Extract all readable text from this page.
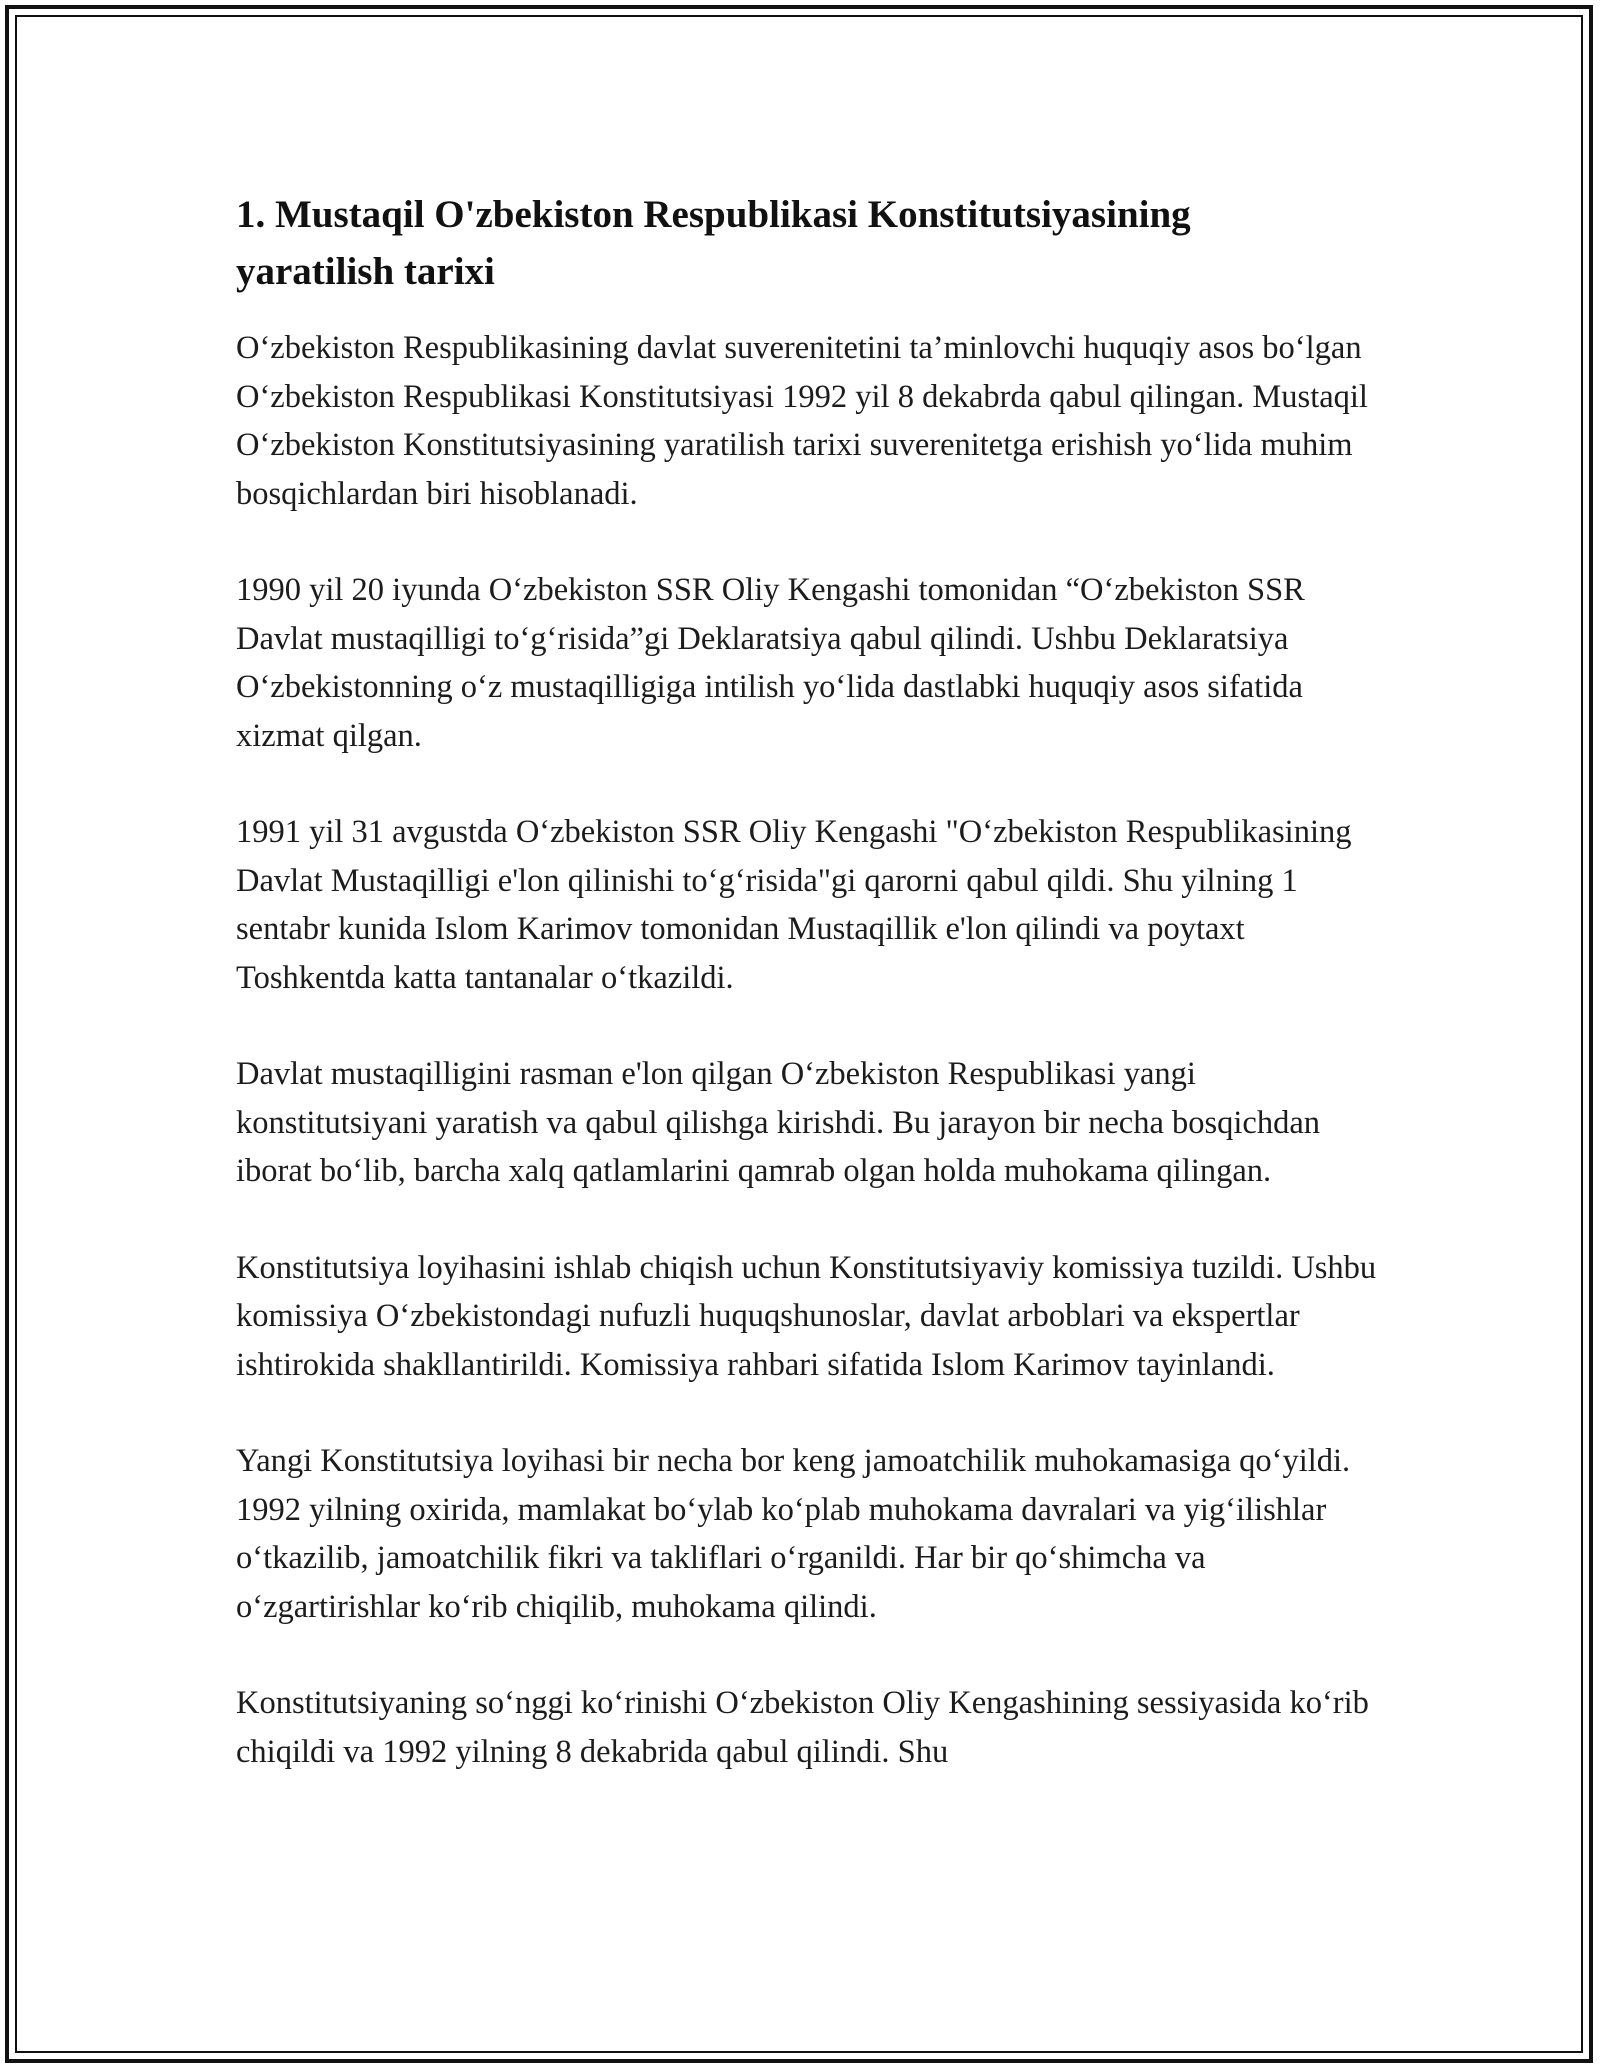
1. Mustaqil O'zbekiston Respublikasi Konstitutsiyasining
yaratilish tarixi

O‘zbekiston Respublikasining davlat suverenitetini ta’minlovchi huquqiy asos bo‘lgan O‘zbekiston Respublikasi Konstitutsiyasi 1992 yil 8 dekabrda qabul qilingan. Mustaqil O‘zbekiston Konstitutsiyasining yaratilish tarixi suverenitetga erishish yo‘lida muhim bosqichlardan biri hisoblanadi.

1990 yil 20 iyunda O‘zbekiston SSR Oliy Kengashi tomonidan “O‘zbekiston SSR Davlat mustaqilligi to‘g‘risida”gi Deklaratsiya qabul qilindi. Ushbu Deklaratsiya O‘zbekistonning o‘z mustaqilligiga intilish yo‘lida dastlabki huquqiy asos sifatida xizmat qilgan.

1991 yil 31 avgustda O‘zbekiston SSR Oliy Kengashi "O‘zbekiston Respublikasining Davlat Mustaqilligi e'lon qilinishi to‘g‘risida"gi qarorni qabul qildi. Shu yilning 1 sentabr kunida Islom Karimov tomonidan Mustaqillik e'lon qilindi va poytaxt Toshkentda katta tantanalar o‘tkazildi.

Davlat mustaqilligini rasman e'lon qilgan O‘zbekiston Respublikasi yangi konstitutsiyani yaratish va qabul qilishga kirishdi. Bu jarayon bir necha bosqichdan iborat bo‘lib, barcha xalq qatlamlarini qamrab olgan holda muhokama qilingan.

Konstitutsiya loyihasini ishlab chiqish uchun Konstitutsiyaviy komissiya tuzildi. Ushbu komissiya O‘zbekistondagi nufuzli huquqshunoslar, davlat arboblari va ekspertlar ishtirokida shakllantirildi. Komissiya rahbari sifatida Islom Karimov tayinlandi.

Yangi Konstitutsiya loyihasi bir necha bor keng jamoatchilik muhokamasiga qo‘yildi. 1992 yilning oxirida, mamlakat bo‘ylab ko‘plab muhokama davralari va yig‘ilishlar o‘tkazilib, jamoatchilik fikri va takliflari o‘rganildi. Har bir qo‘shimcha va o‘zgartirishlar ko‘rib chiqilib, muhokama qilindi.

Konstitutsiyaning so‘nggi ko‘rinishi O‘zbekiston Oliy Kengashining sessiyasida ko‘rib chiqildi va 1992 yilning 8 dekabrida qabul qilindi. Shu
